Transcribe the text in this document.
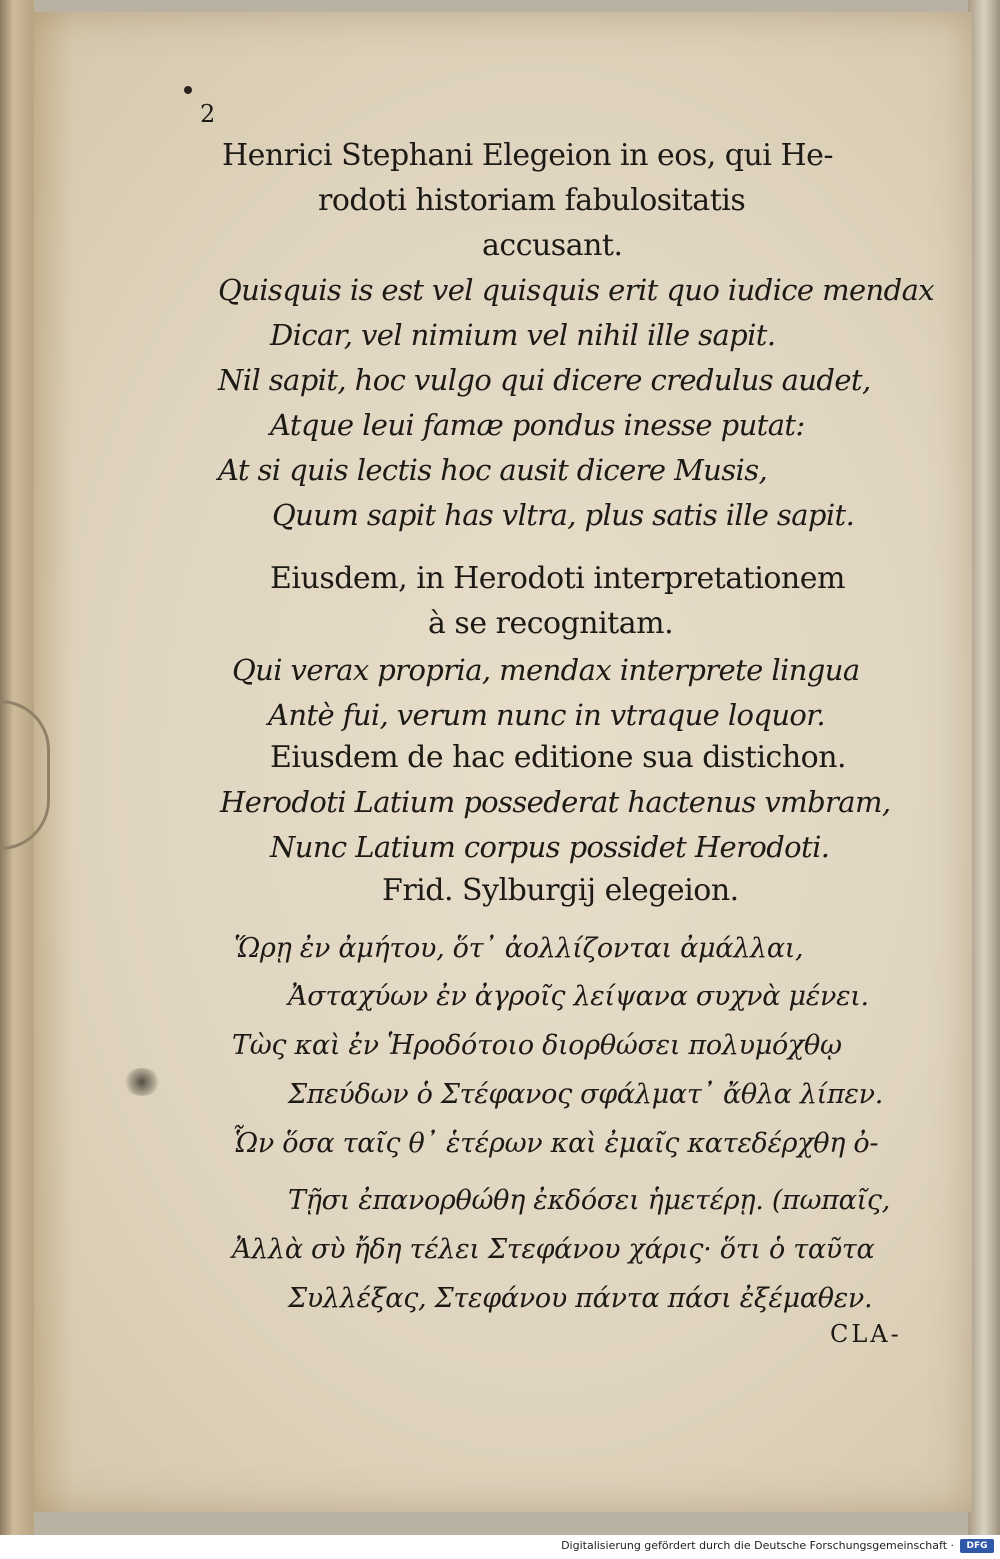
2
Henrici Stephani Elegeion in eos, qui He-
rodoti historiam fabulositatis
accusant.
Quisquis is est vel quisquis erit quo iudice mendax
Dicar, vel nimium vel nihil ille sapit.
Nil sapit, hoc vulgo qui dicere credulus audet,
Atque leui famæ pondus inesse putat:
At si quis lectis hoc ausit dicere Musis,
Quum sapit has vltra, plus satis ille sapit.
Eiusdem, in Herodoti interpretationem
à se recognitam.
Qui verax propria, mendax interprete lingua
Antè fui, verum nunc in vtraque loquor.
Eiusdem de hac editione sua distichon.
Herodoti Latium possederat hactenus vmbram,
Nunc Latium corpus possidet Herodoti.
Frid. Sylburgij elegeion.
Ὥρῃ ἐν ἀμήτου, ὅτ᾽ ἀολλίζονται ἀμάλλαι,
Ἀσταχύων ἐν ἀγροῖς λείψανα συχνὰ μένει.
Τὼς καὶ ἐν Ἡροδότοιο διορθώσει πολυμόχθῳ
Σπεύδων ὁ Στέφανος σφάλματ᾽ ἄθλα λίπεν.
Ὧν ὅσα ταῖς θ᾽ ἑτέρων καὶ ἐμαῖς κατεδέρχθη ὀ-
Τῇσι ἐπανορθώθη ἐκδόσει ἡμετέρῃ. (πωπαῖς,
Ἀλλὰ σὺ ἤδη τέλει Στεφάνου χάρις· ὅτι ὁ ταῦτα
Συλλέξας, Στεφάνου πάντα πάσι ἐξέμαθεν.
CLA-
Digitalisierung gefördert durch die Deutsche Forschungsgemeinschaft ·	DFG
